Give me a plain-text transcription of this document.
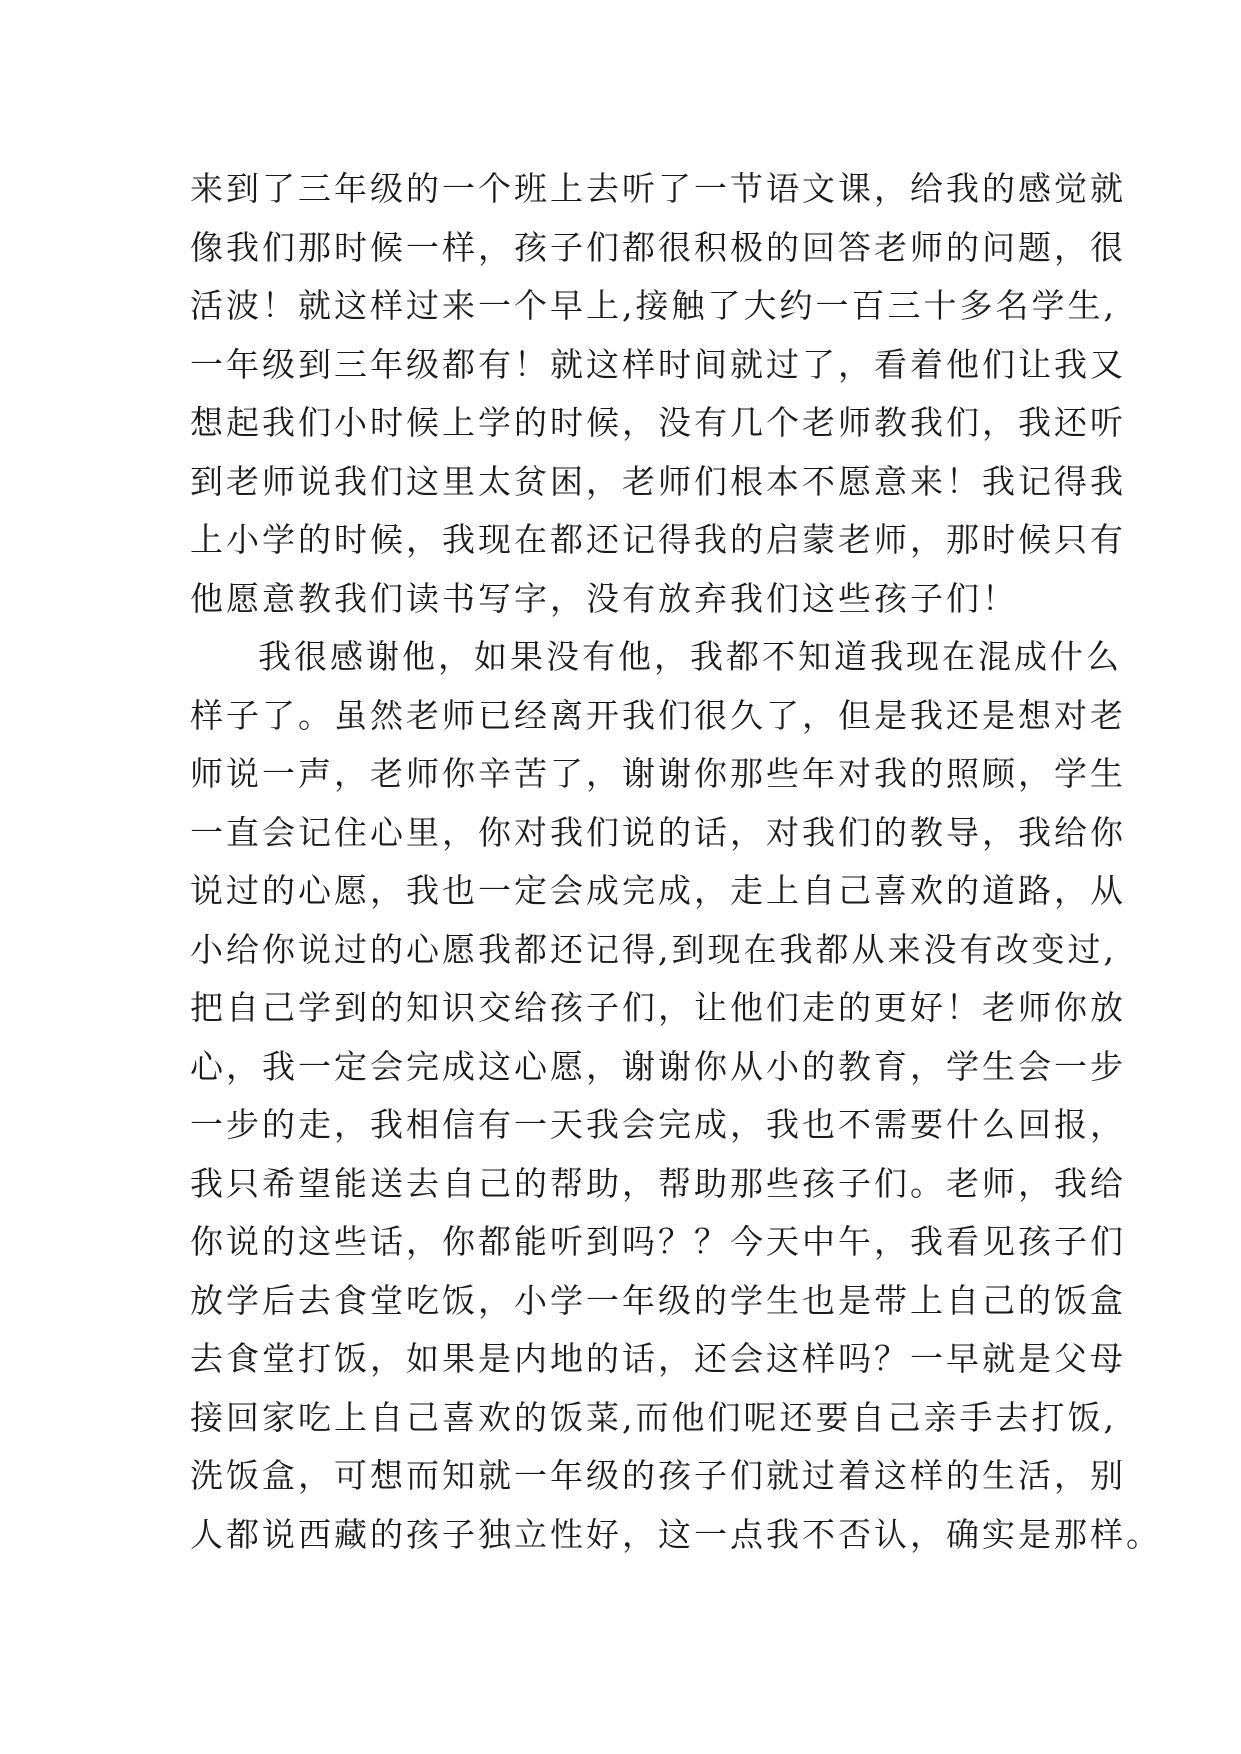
来到了三年级的一个班上去听了一节语文课，给我的感觉就
像我们那时候一样，孩子们都很积极的回答老师的问题，很
活波！就这样过来一个早上,接触了大约一百三十多名学生,
一年级到三年级都有！就这样时间就过了，看着他们让我又
想起我们小时候上学的时候，没有几个老师教我们，我还听
到老师说我们这里太贫困，老师们根本不愿意来！我记得我
上小学的时候，我现在都还记得我的启蒙老师，那时候只有
他愿意教我们读书写字，没有放弃我们这些孩子们！
我很感谢他，如果没有他，我都不知道我现在混成什么
样子了。虽然老师已经离开我们很久了，但是我还是想对老
师说一声，老师你辛苦了，谢谢你那些年对我的照顾，学生
一直会记住心里，你对我们说的话，对我们的教导，我给你
说过的心愿，我也一定会成完成，走上自己喜欢的道路，从
小给你说过的心愿我都还记得,到现在我都从来没有改变过,
把自己学到的知识交给孩子们，让他们走的更好！老师你放
心，我一定会完成这心愿，谢谢你从小的教育，学生会一步
一步的走，我相信有一天我会完成，我也不需要什么回报，
我只希望能送去自己的帮助，帮助那些孩子们。老师，我给
你说的这些话，你都能听到吗？？今天中午，我看见孩子们
放学后去食堂吃饭，小学一年级的学生也是带上自己的饭盒
去食堂打饭，如果是内地的话，还会这样吗？一早就是父母
接回家吃上自己喜欢的饭菜,而他们呢还要自己亲手去打饭,
洗饭盒，可想而知就一年级的孩子们就过着这样的生活，别
人都说西藏的孩子独立性好，这一点我不否认，确实是那样。
